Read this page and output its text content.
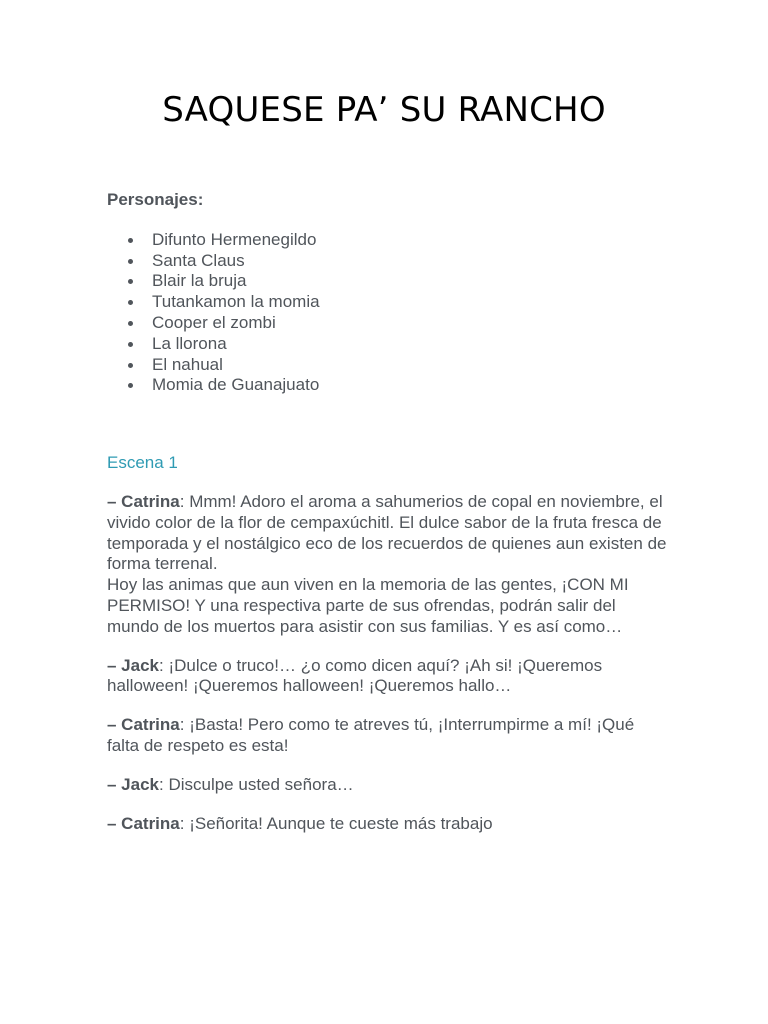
SAQUESE PA’ SU RANCHO

Personajes:

Difunto Hermenegildo
Santa Claus
Blair la bruja
Tutankamon la momia
Cooper el zombi
La llorona
El nahual
Momia de Guanajuato
Escena 1

– Catrina: Mmm! Adoro el aroma a sahumerios de copal en noviembre, el vivido color de la flor de cempaxúchitl. El dulce sabor de la fruta fresca de temporada y el nostálgico eco de los recuerdos de quienes aun existen de forma terrenal.
Hoy las animas que aun viven en la memoria de las gentes, ¡CON MI PERMISO! Y una respectiva parte de sus ofrendas, podrán salir del mundo de los muertos para asistir con sus familias. Y es así como…

– Jack: ¡Dulce o truco!… ¿o como dicen aquí? ¡Ah si! ¡Queremos halloween! ¡Queremos halloween! ¡Queremos hallo…

– Catrina: ¡Basta! Pero como te atreves tú, ¡Interrumpirme a mí! ¡Qué falta de respeto es esta!

– Jack: Disculpe usted señora…

– Catrina: ¡Señorita! Aunque te cueste más trabajo
